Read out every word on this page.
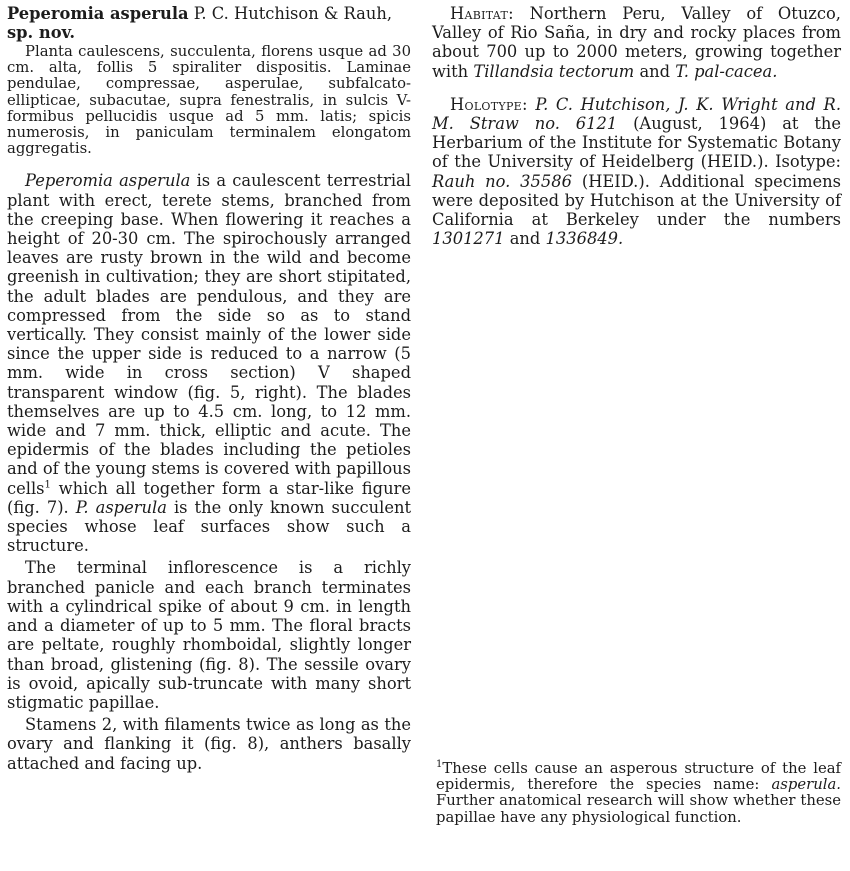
Peperomia asperula P. C. Hutchison & Rauh,
sp. nov.

Planta caulescens, succulenta, florens usque ad 30 cm. alta, follis 5 spiraliter dispositis. Laminae pendulae, compressae, asperulae, subfalcato-ellipticae, subacutae, supra fenestralis, in sulcis V-formibus pellucidis usque ad 5 mm. latis; spicis numerosis, in paniculam terminalem elongatom aggregatis.

Peperomia asperula is a caulescent terrestrial plant with erect, terete stems, branched from the creeping base. When flowering it reaches a height of 20-30 cm. The spirochously arranged leaves are rusty brown in the wild and become greenish in cultivation; they are short stipitated, the adult blades are pendulous, and they are compressed from the side so as to stand vertically. They consist mainly of the lower side since the upper side is reduced to a narrow (5 mm. wide in cross section) V shaped transparent window (fig. 5, right). The blades themselves are up to 4.5 cm. long, to 12 mm. wide and 7 mm. thick, elliptic and acute. The epidermis of the blades including the petioles and of the young stems is covered with papillous cells$^1$ which all together form a star-like figure (fig. 7). P. asperula is the only known succulent species whose leaf surfaces show such a structure.

The terminal inflorescence is a richly branched panicle and each branch terminates with a cylindrical spike of about 9 cm. in length and a diameter of up to 5 mm. The floral bracts are peltate, roughly rhomboidal, slightly longer than broad, glistening (fig. 8). The sessile ovary is ovoid, apically sub-truncate with many short stigmatic papillae.

Stamens 2, with filaments twice as long as the ovary and flanking it (fig. 8), anthers basally attached and facing up.

Habitat: Northern Peru, Valley of Otuzco, Valley of Rio Saña, in dry and rocky places from about 700 up to 2000 meters, growing together with Tillandsia tectorum and T. pal-cacea.

Holotype: P. C. Hutchison, J. K. Wright and R. M. Straw no. 6121 (August, 1964) at the Herbarium of the Institute for Systematic Botany of the University of Heidelberg (HEID.). Isotype: Rauh no. 35586 (HEID.). Additional specimens were deposited by Hutchison at the University of California at Berkeley under the numbers 1301271 and 1336849.

$^1$These cells cause an asperous structure of the leaf epidermis, therefore the species name: asperula. Further anatomical research will show whether these papillae have any physiological function.
